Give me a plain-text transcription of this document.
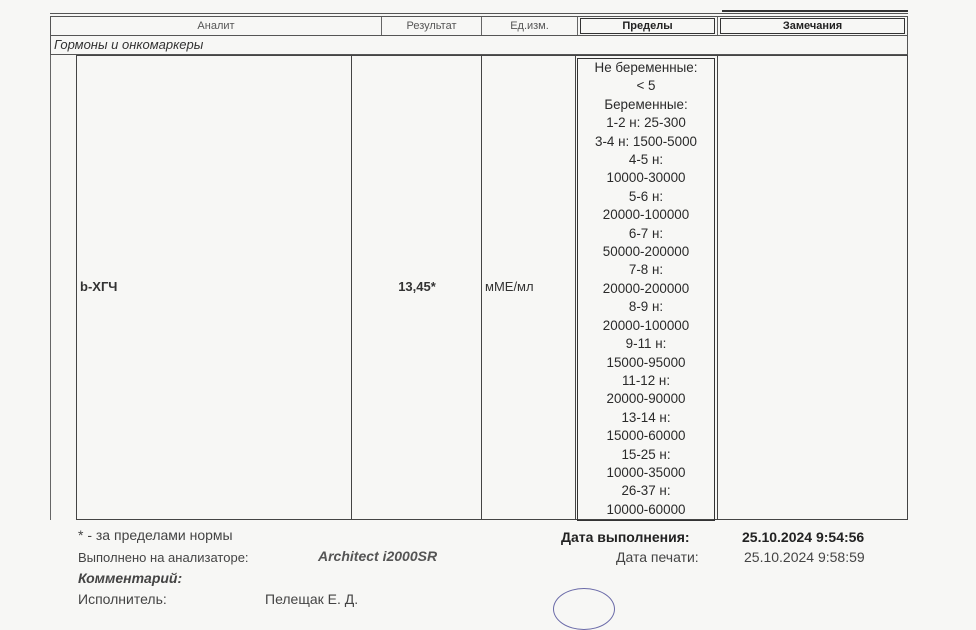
Аналит	Результат	Ед.изм.	Пределы	Замечания
Гормоны и онкомаркеры
b-ХГЧ	13,45*	мМЕ/мл
Не беременные:
< 5
Беременные:
1-2 н: 25-300
3-4 н: 1500-5000
4-5 н:
10000-30000
5-6 н:
20000-100000
6-7 н:
50000-200000
7-8 н:
20000-200000
8-9 н:
20000-100000
9-11 н:
15000-95000
11-12 н:
20000-90000
13-14 н:
15000-60000
15-25 н:
10000-35000
26-37 н:
10000-60000
* - за пределами нормы
Выполнено на анализаторе:	Architect i2000SR
Комментарий:
Исполнитель:	Пелещак Е. Д.
Дата выполнения:	25.10.2024 9:54:56
Дата печати:	25.10.2024 9:58:59
